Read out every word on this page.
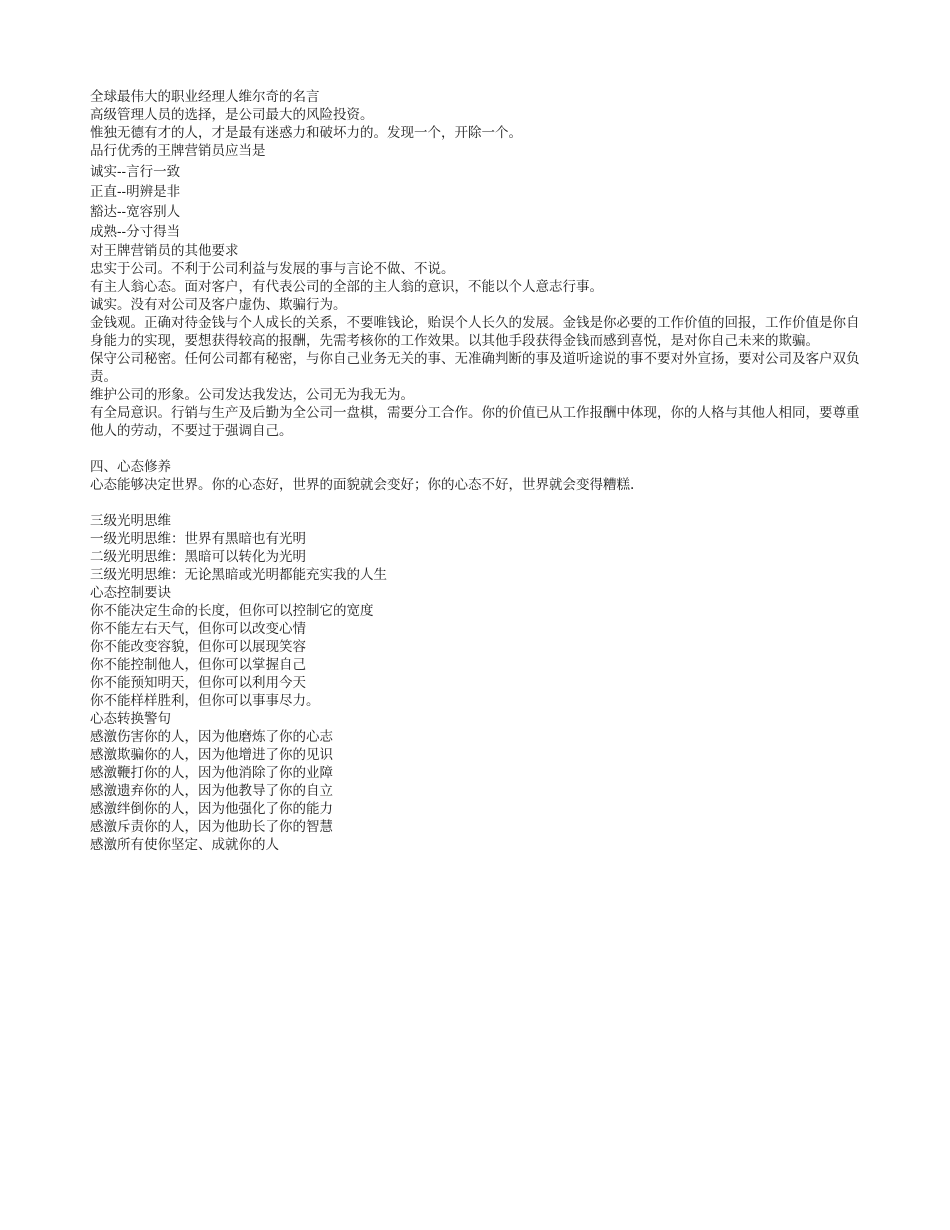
全球最伟大的职业经理人维尔奇的名言
高级管理人员的选择，是公司最大的风险投资。
惟独无德有才的人，才是最有迷惑力和破坏力的。发现一个，开除一个。
品行优秀的王牌营销员应当是
诚实--言行一致
正直--明辨是非
豁达--宽容别人
成熟--分寸得当
对王牌营销员的其他要求
忠实于公司。不利于公司利益与发展的事与言论不做、不说。
有主人翁心态。面对客户，有代表公司的全部的主人翁的意识，不能以个人意志行事。
诚实。没有对公司及客户虚伪、欺骗行为。
金钱观。正确对待金钱与个人成长的关系，不要唯钱论，贻误个人长久的发展。金钱是你必要的工作价值的回报，工作价值是你自身能力的实现，要想获得较高的报酬，先需考核你的工作效果。以其他手段获得金钱而感到喜悦，是对你自己未来的欺骗。
保守公司秘密。任何公司都有秘密，与你自己业务无关的事、无准确判断的事及道听途说的事不要对外宣扬，要对公司及客户双负责。
维护公司的形象。公司发达我发达，公司无为我无为。
有全局意识。行销与生产及后勤为全公司一盘棋，需要分工合作。你的价值已从工作报酬中体现，你的人格与其他人相同，要尊重他人的劳动，不要过于强调自己。
四、心态修养
心态能够决定世界。你的心态好，世界的面貌就会变好；你的心态不好，世界就会变得糟糕.
三级光明思维
一级光明思维：世界有黑暗也有光明
二级光明思维：黑暗可以转化为光明
三级光明思维：无论黑暗或光明都能充实我的人生
心态控制要诀
你不能决定生命的长度，但你可以控制它的宽度
你不能左右天气，但你可以改变心情
你不能改变容貌，但你可以展现笑容
你不能控制他人，但你可以掌握自己
你不能预知明天，但你可以利用今天
你不能样样胜利，但你可以事事尽力。
心态转换警句
感激伤害你的人，因为他磨炼了你的心志
感激欺骗你的人，因为他增进了你的见识
感激鞭打你的人，因为他消除了你的业障
感激遗弃你的人，因为他教导了你的自立
感激绊倒你的人，因为他强化了你的能力
感激斥责你的人，因为他助长了你的智慧
感激所有使你坚定、成就你的人
